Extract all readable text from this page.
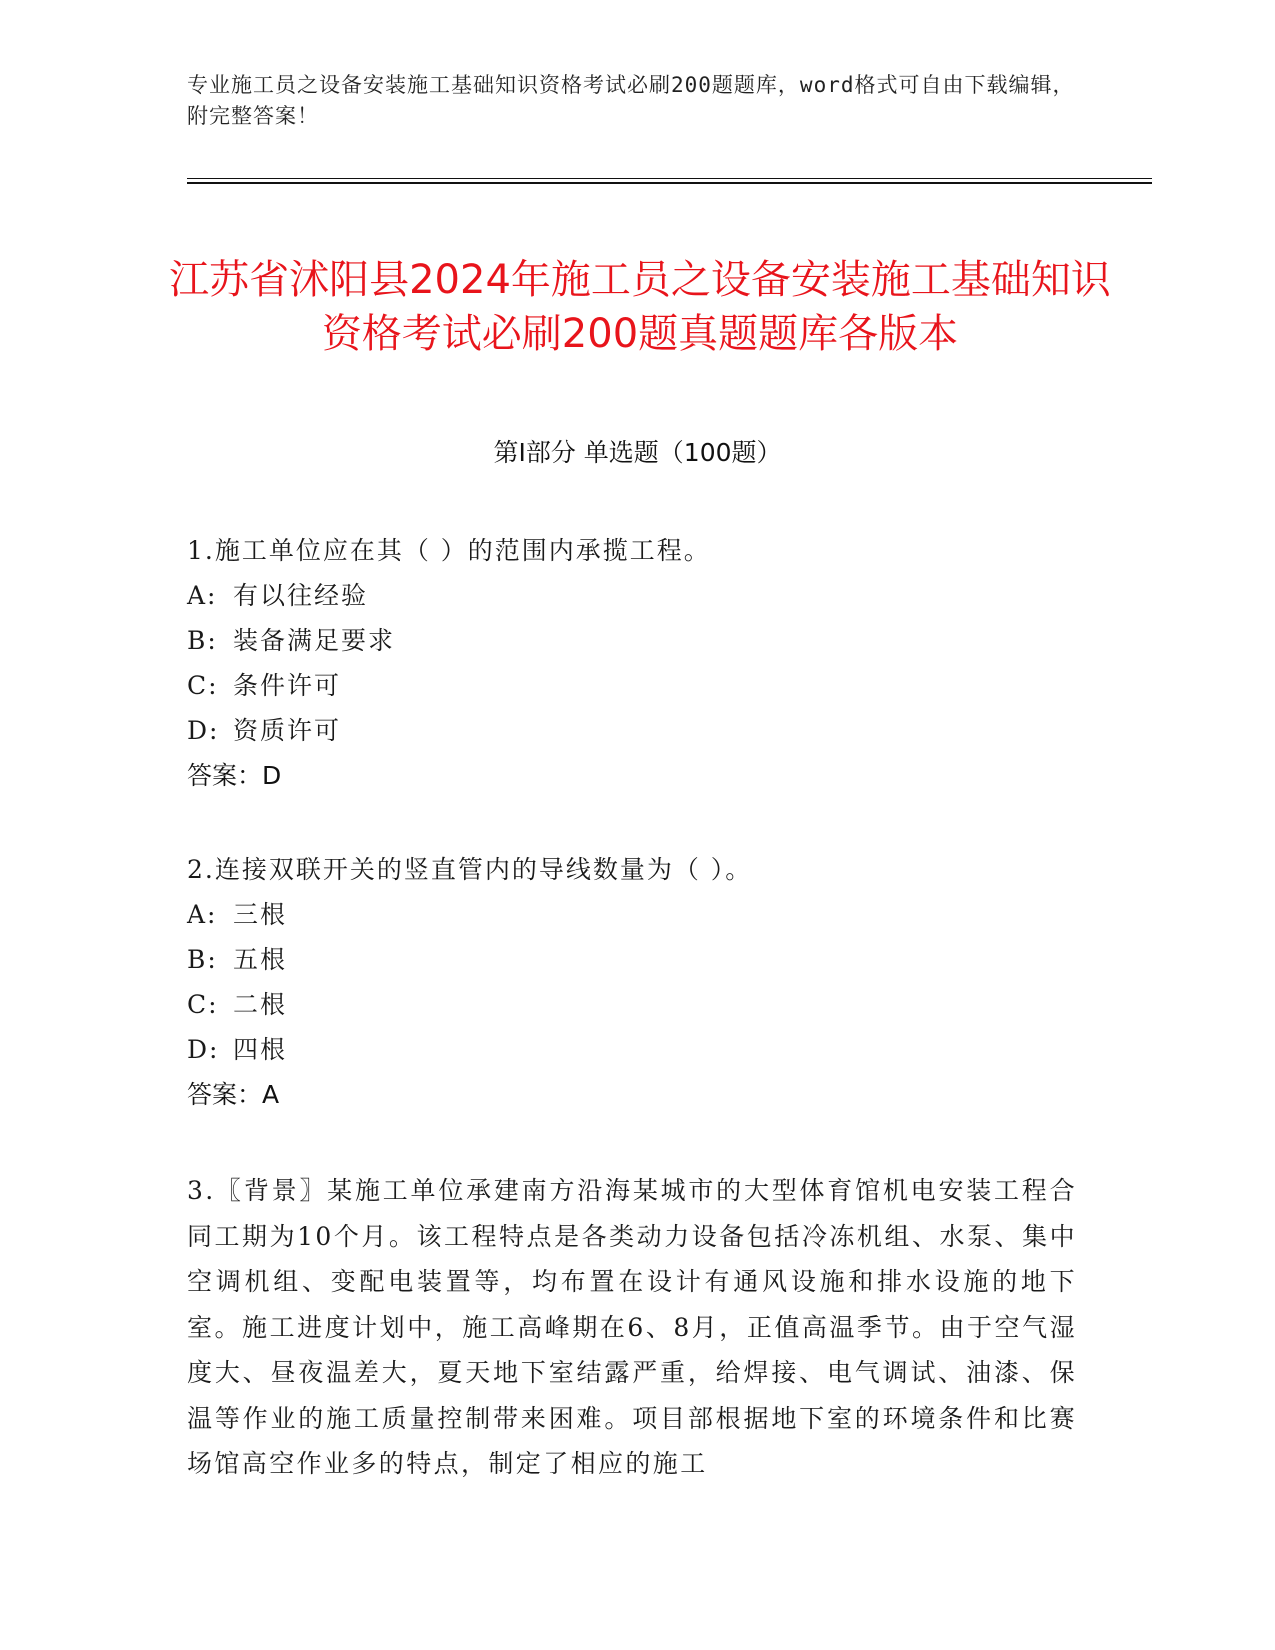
专业施工员之设备安装施工基础知识资格考试必刷200题题库，word格式可自由下载编辑，附完整答案！
江苏省沭阳县2024年施工员之设备安装施工基础知识资格考试必刷200题真题题库各版本
第Ⅰ部分 单选题（100题）

1.施工单位应在其（ ）的范围内承揽工程。

A: 有以往经验
B: 装备满足要求
C: 条件许可
D: 资质许可
答案：D

2.连接双联开关的竖直管内的导线数量为（ ）。

A: 三根
B: 五根
C: 二根
D: 四根
答案：A

3.〖背景〗某施工单位承建南方沿海某城市的大型体育馆机电安装工程合同工期为10个月。该工程特点是各类动力设备包括冷冻机组、水泵、集中空调机组、变配电装置等，均布置在设计有通风设施和排水设施的地下室。施工进度计划中，施工高峰期在6、8月，正值高温季节。由于空气湿度大、昼夜温差大，夏天地下室结露严重，给焊接、电气调试、油漆、保温等作业的施工质量控制带来困难。项目部根据地下室的环境条件和比赛场馆高空作业多的特点，制定了相应的施工
